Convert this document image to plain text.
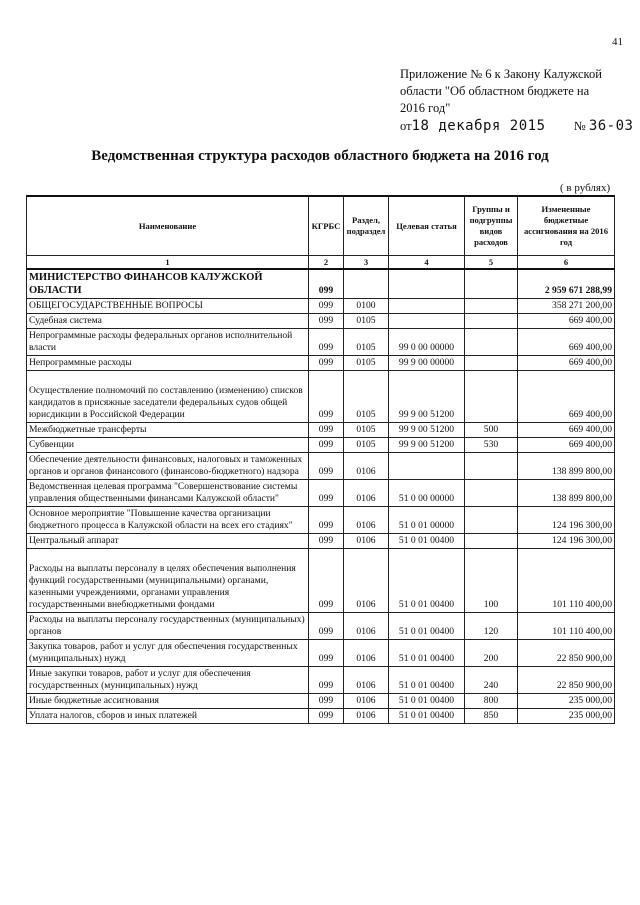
41
Приложение № 6 к Закону Калужской
области "Об областном бюджете на
2016 год"
от18 декабря 2015 № 36-03
Ведомственная структура расходов областного бюджета на 2016 год
( в рублях)
Наименование	КГРБС	Раздел, подраздел	Целевая статья	Группы и подгруппы видов расходов	Измененные бюджетные ассигнования на 2016 год
1	2	3	4	5	6
МИНИСТЕРСТВО ФИНАНСОВ КАЛУЖСКОЙ ОБЛАСТИ	099				2 959 671 288,99
ОБЩЕГОСУДАРСТВЕННЫЕ ВОПРОСЫ	099	0100			358 271 200,00
Судебная система	099	0105			669 400,00
Непрограммные расходы федеральных органов исполнительной власти	099	0105	99 0 00 00000		669 400,00
Непрограммные расходы	099	0105	99 9 00 00000		669 400,00
Осуществление полномочий по составлению (изменению) списков кандидатов в присяжные заседатели федеральных судов общей юрисдикции в Российской Федерации	099	0105	99 9 00 51200		669 400,00
Межбюджетные трансферты	099	0105	99 9 00 51200	500	669 400,00
Субвенции	099	0105	99 9 00 51200	530	669 400,00
Обеспечение деятельности финансовых, налоговых и таможенных органов и органов финансового (финансово-бюджетного) надзора	099	0106			138 899 800,00
Ведомственная целевая программа "Совершенствование системы управления общественными финансами Калужской области"	099	0106	51 0 00 00000		138 899 800,00
Основное мероприятие "Повышение качества организации бюджетного процесса в Калужской области на всех его стадиях"	099	0106	51 0 01 00000		124 196 300,00
Центральный аппарат	099	0106	51 0 01 00400		124 196 300,00
Расходы на выплаты персоналу в целях обеспечения выполнения функций государственными (муниципальными) органами, казенными учреждениями, органами управления государственными внебюджетными фондами	099	0106	51 0 01 00400	100	101 110 400,00
Расходы на выплаты персоналу государственных (муниципальных) органов	099	0106	51 0 01 00400	120	101 110 400,00
Закупка товаров, работ и услуг для обеспечения государственных (муниципальных) нужд	099	0106	51 0 01 00400	200	22 850 900,00
Иные закупки товаров, работ и услуг для обеспечения государственных (муниципальных) нужд	099	0106	51 0 01 00400	240	22 850 900,00
Иные бюджетные ассигнования	099	0106	51 0 01 00400	800	235 000,00
Уплата налогов, сборов и иных платежей	099	0106	51 0 01 00400	850	235 000,00
